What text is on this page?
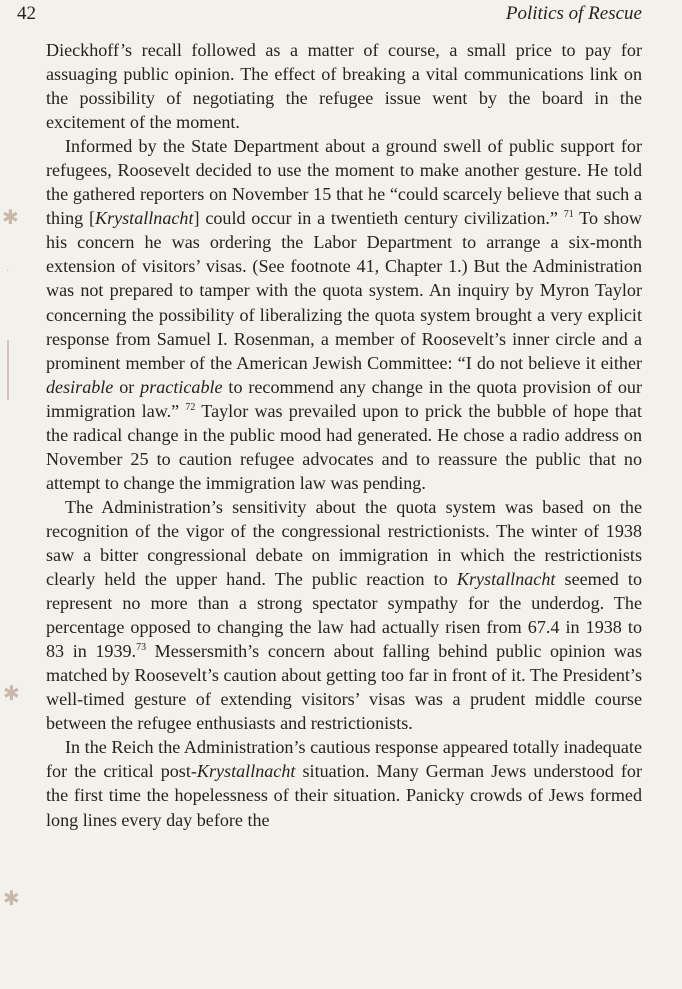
42	Politics of Rescue

Dieckhoff’s recall followed as a matter of course, a small price to pay for assuaging public opinion. The effect of breaking a vital communications link on the possibility of negotiating the refugee issue went by the board in the excitement of the moment.

Informed by the State Department about a ground swell of public support for refugees, Roosevelt decided to use the moment to make another gesture. He told the gathered reporters on November 15 that he “could scarcely believe that such a thing [Krystallnacht] could occur in a twentieth century civilization.” $^{71}$ To show his concern he was ordering the Labor Department to arrange a six-month extension of visitors’ visas. (See footnote 41, Chapter 1.) But the Administration was not prepared to tamper with the quota system. An inquiry by Myron Taylor concerning the possibility of liberalizing the quota system brought a very explicit response from Samuel I. Rosenman, a member of Roosevelt’s inner circle and a prominent member of the American Jewish Committee: “I do not believe it either desirable or practicable to recommend any change in the quota provision of our immigration law.” $^{72}$ Taylor was prevailed upon to prick the bubble of hope that the radical change in the public mood had generated. He chose a radio address on November 25 to caution refugee advocates and to reassure the public that no attempt to change the immigration law was pending.

The Administration’s sensitivity about the quota system was based on the recognition of the vigor of the congressional restrictionists. The winter of 1938 saw a bitter congressional debate on immigration in which the restrictionists clearly held the upper hand. The public reaction to Krystallnacht seemed to represent no more than a strong spectator sympathy for the underdog. The percentage opposed to changing the law had actually risen from 67.4 in 1938 to 83 in 1939.73 Messersmith’s concern about falling behind public opinion was matched by Roosevelt’s caution about getting too far in front of it. The President’s well-timed gesture of extending visitors’ visas was a prudent middle course between the refugee enthusiasts and restrictionists.

In the Reich the Administration’s cautious response appeared totally inadequate for the critical post-Krystallnacht situation. Many German Jews understood for the first time the hopelessness of their situation. Panicky crowds of Jews formed long lines every day before the

✱
·
✱
✱
